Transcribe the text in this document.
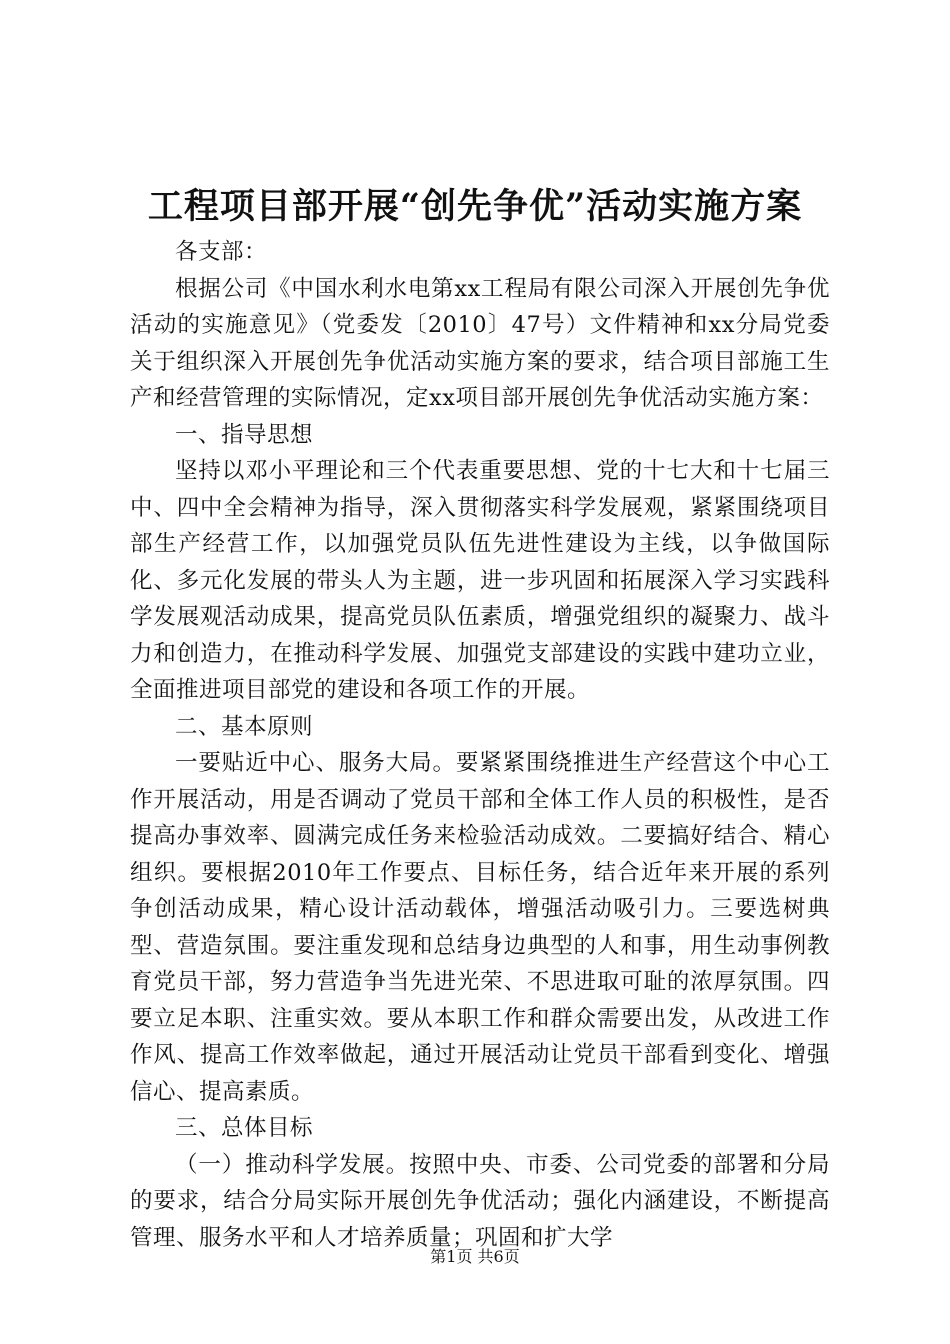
工程项目部开展“创先争优”活动实施方案

各支部：

根据公司《中国水利水电第xx工程局有限公司深入开展创先争优活动的实施意见》（党委发〔2010〕47号）文件精神和xx分局党委关于组织深入开展创先争优活动实施方案的要求，结合项目部施工生产和经营管理的实际情况，定xx项目部开展创先争优活动实施方案：

一、指导思想

坚持以邓小平理论和三个代表重要思想、党的十七大和十七届三中、四中全会精神为指导，深入贯彻落实科学发展观，紧紧围绕项目部生产经营工作，以加强党员队伍先进性建设为主线，以争做国际化、多元化发展的带头人为主题，进一步巩固和拓展深入学习实践科学发展观活动成果，提高党员队伍素质，增强党组织的凝聚力、战斗力和创造力，在推动科学发展、加强党支部建设的实践中建功立业，全面推进项目部党的建设和各项工作的开展。

二、基本原则

一要贴近中心、服务大局。要紧紧围绕推进生产经营这个中心工作开展活动，用是否调动了党员干部和全体工作人员的积极性，是否提高办事效率、圆满完成任务来检验活动成效。二要搞好结合、精心组织。要根据2010年工作要点、目标任务，结合近年来开展的系列争创活动成果，精心设计活动载体，增强活动吸引力。三要选树典型、营造氛围。要注重发现和总结身边典型的人和事，用生动事例教育党员干部，努力营造争当先进光荣、不思进取可耻的浓厚氛围。四要立足本职、注重实效。要从本职工作和群众需要出发，从改进工作作风、提高工作效率做起，通过开展活动让党员干部看到变化、增强信心、提高素质。

三、总体目标

（一）推动科学发展。按照中央、市委、公司党委的部署和分局的要求，结合分局实际开展创先争优活动；强化内涵建设，不断提高管理、服务水平和人才培养质量；巩固和扩大学

第1页 共6页
